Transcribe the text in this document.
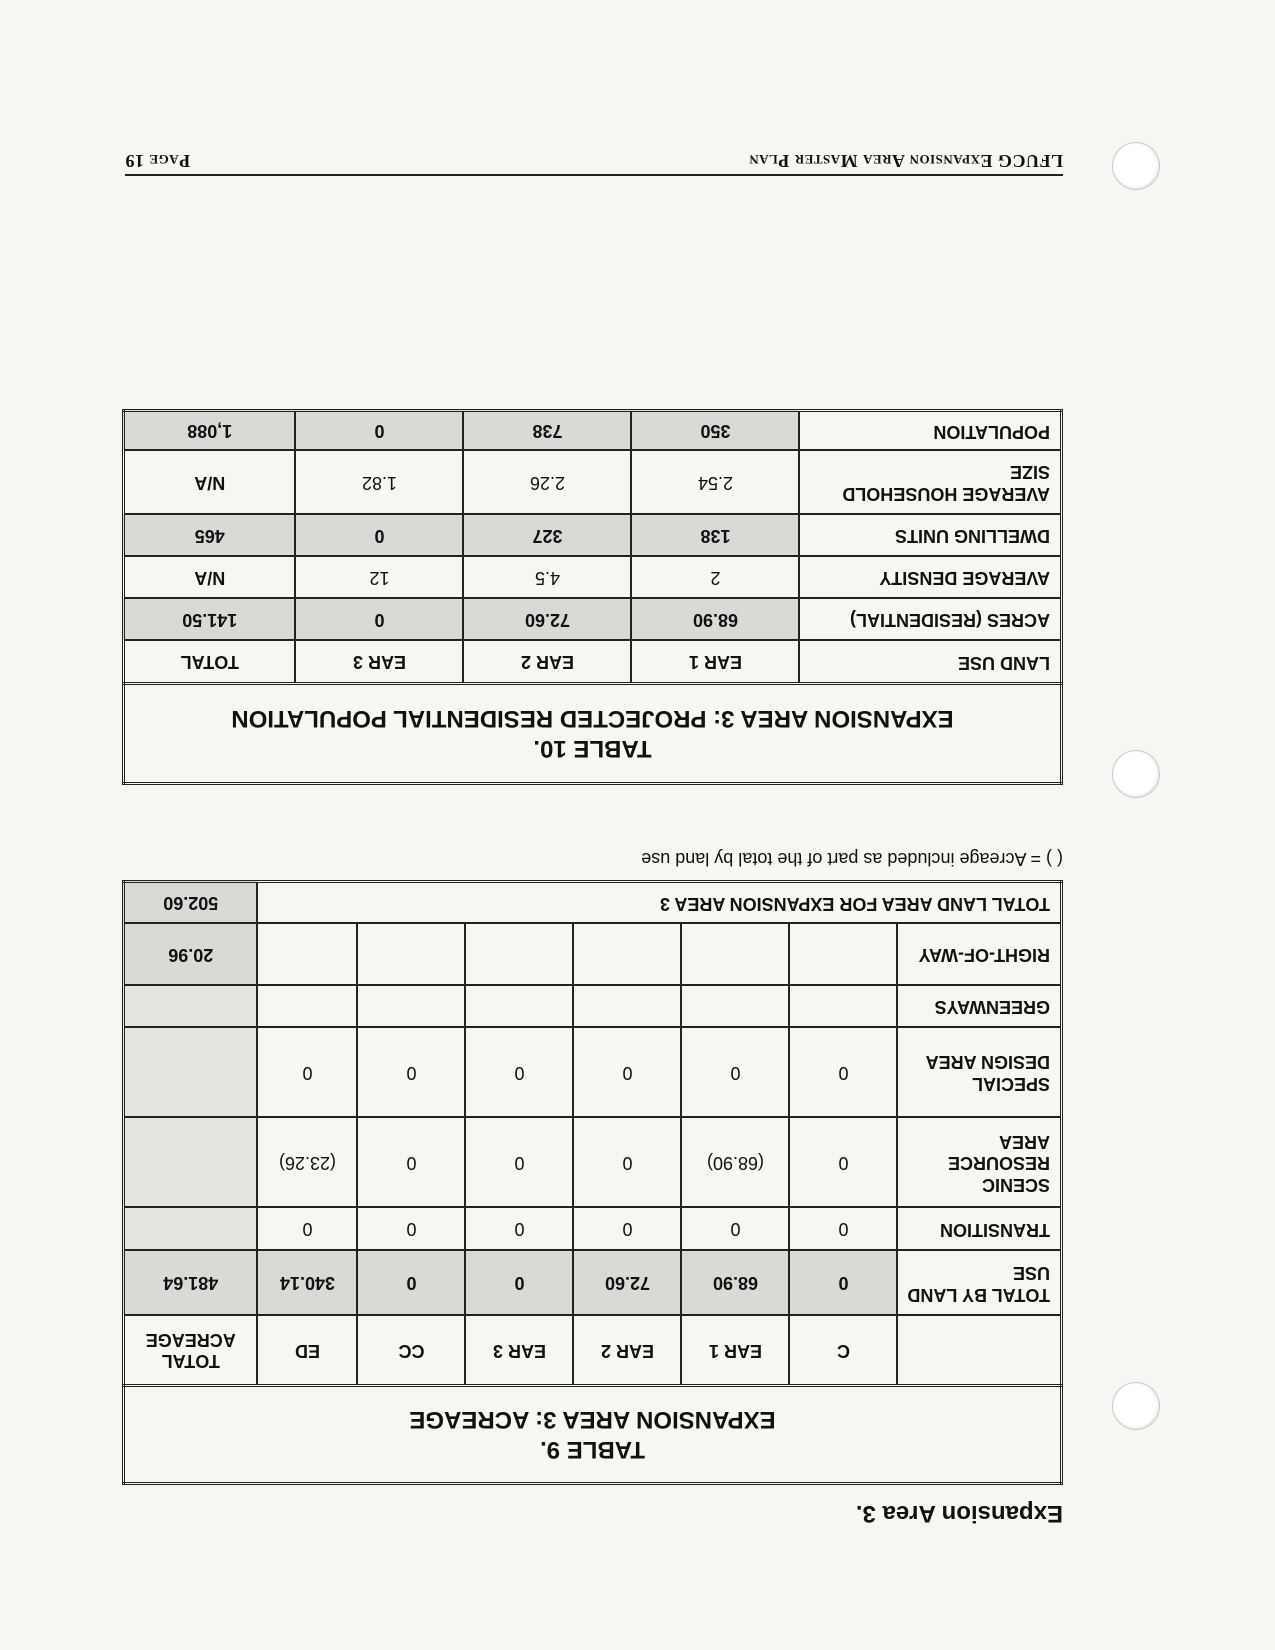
Expansion Area 3.
TABLE 9.
EXPANSION AREA 3: ACREAGE							

	C	EAR 1	EAR 2	EAR 3	CC	ED	TOTAL ACREAGE
TOTAL BY LAND USE	0	68.90	72.60	0	0	340.14	481.64
TRANSITION	0	0	0	0	0	0	
SCENIC RESOURCE AREA	0	(68.90)	0	0	0	(23.26)	
SPECIAL DESIGN AREA	0	0	0	0	0	0	
GREENWAYS							
RIGHT-OF-WAY							20.96
TOTAL LAND AREA FOR EXPANSION AREA 3							502.60
( ) = Acreage included as part of the total by land use
TABLE 10.
EXPANSION AREA 3: PROJECTED RESIDENTIAL POPULATION				

LAND USE	EAR 1	EAR 2	EAR 3	TOTAL
ACRES (RESIDENTIAL)	68.90	72.60	0	141.50
AVERAGE DENSITY	2	4.5	12	N/A
DWELLING UNITS	138	327	0	465
AVERAGE HOUSEHOLD SIZE	2.54	2.26	1.82	N/A
POPULATION	350	738	0	1,088
LFUCG Expansion Area Master Plan
Page 19
